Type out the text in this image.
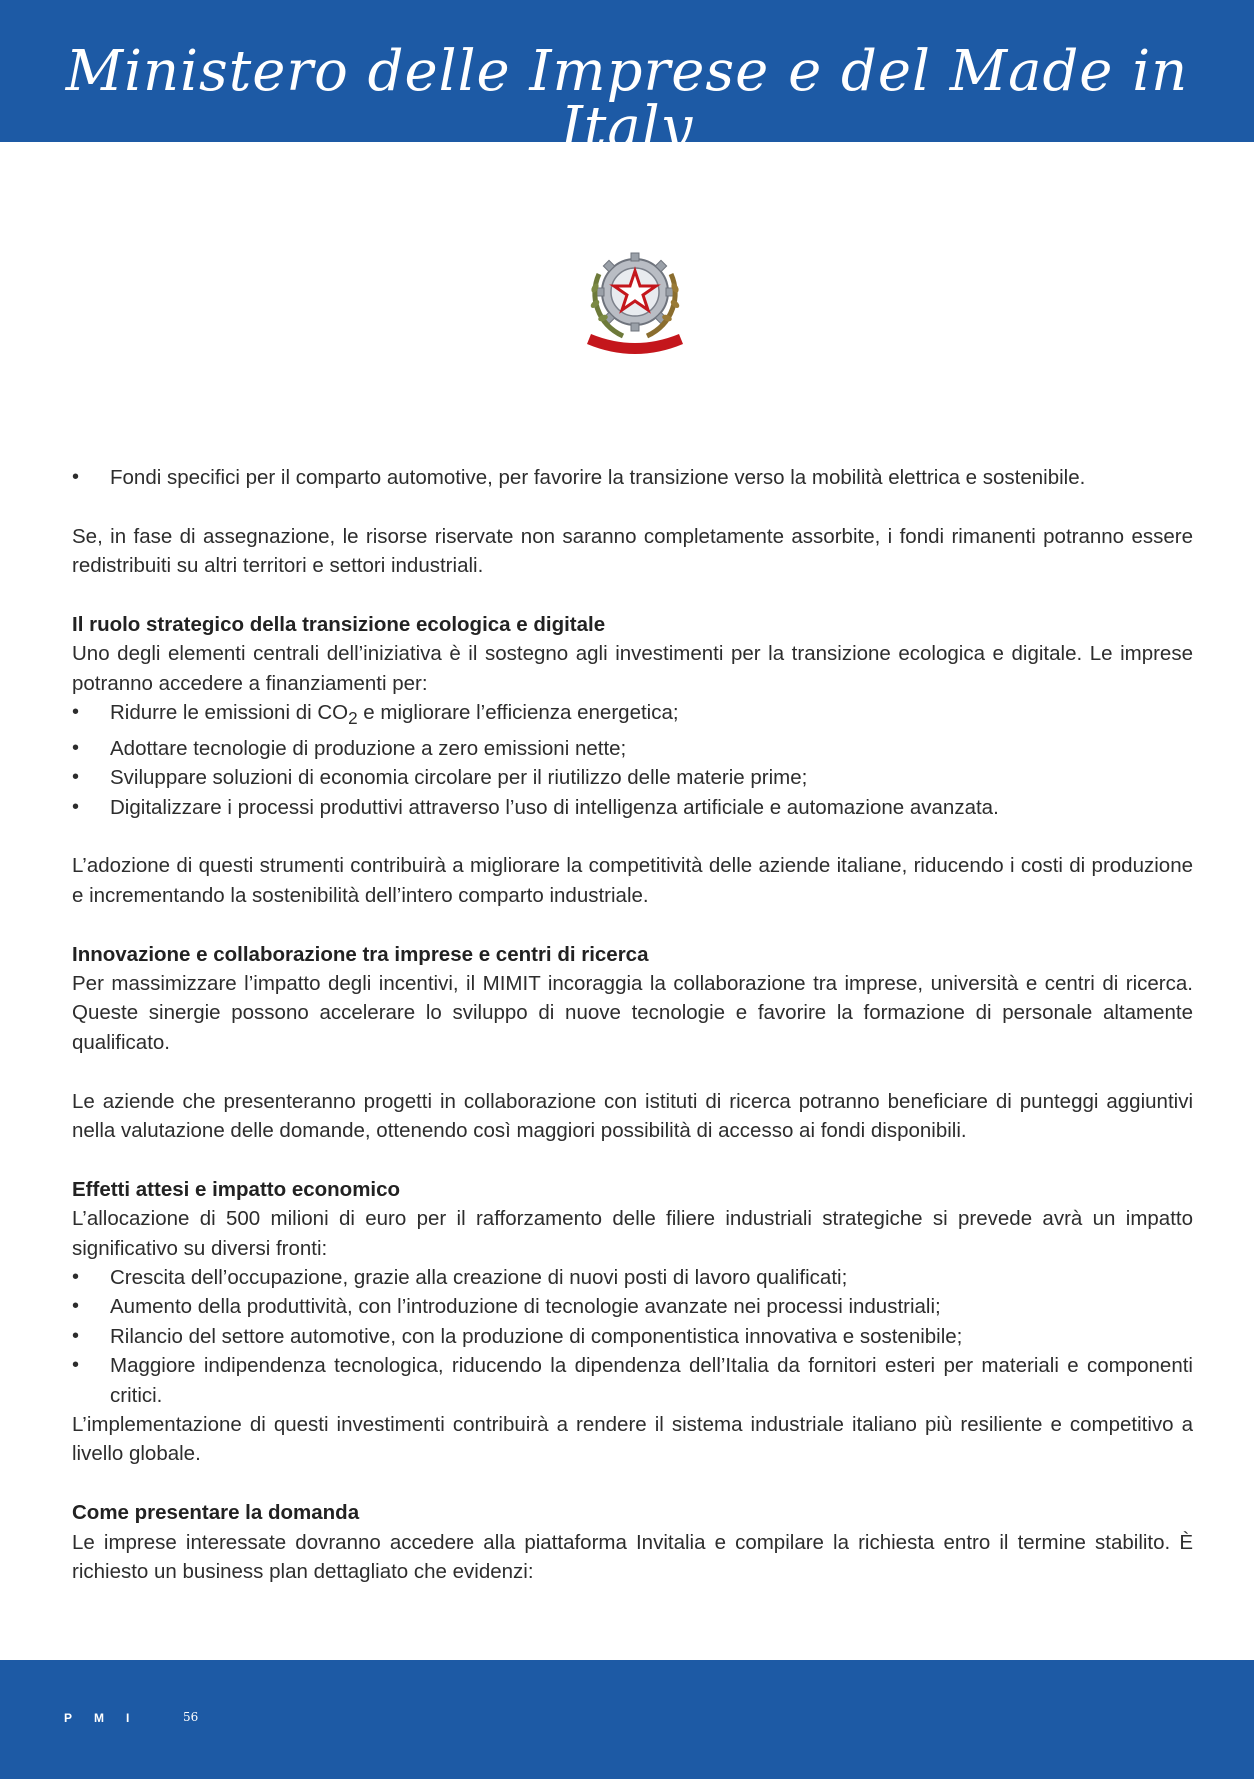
Ministero delle Imprese e del Made in Italy
•	Fondi specifici per il comparto automotive, per favorire la transizione verso la mobilità elettrica e sostenibile.

Se, in fase di assegnazione, le risorse riservate non saranno completamente assorbite, i fondi rimanenti potranno essere redistribuiti su altri territori e settori industriali.

Il ruolo strategico della transizione ecologica e digitale

Uno degli elementi centrali dell’iniziativa è il sostegno agli investimenti per la transizione ecologica e digitale. Le imprese potranno accedere a finanziamenti per:

•	Ridurre le emissioni di $CO_2$ e migliorare l’efficienza energetica;
•	Adottare tecnologie di produzione a zero emissioni nette;
•	Sviluppare soluzioni di economia circolare per il riutilizzo delle materie prime;
•	Digitalizzare i processi produttivi attraverso l’uso di intelligenza artificiale e automazione avanzata.

L’adozione di questi strumenti contribuirà a migliorare la competitività delle aziende italiane, riducendo i costi di produzione e incrementando la sostenibilità dell’intero comparto industriale.

Innovazione e collaborazione tra imprese e centri di ricerca

Per massimizzare l’impatto degli incentivi, il MIMIT incoraggia la collaborazione tra imprese, università e centri di ricerca. Queste sinergie possono accelerare lo sviluppo di nuove tecnologie e favorire la formazione di personale altamente qualificato.

Le aziende che presenteranno progetti in collaborazione con istituti di ricerca potranno beneficiare di punteggi aggiuntivi nella valutazione delle domande, ottenendo così maggiori possibilità di accesso ai fondi disponibili.

Effetti attesi e impatto economico

L’allocazione di 500 milioni di euro per il rafforzamento delle filiere industriali strategiche si prevede avrà un impatto significativo su diversi fronti:

•	Crescita dell’occupazione, grazie alla creazione di nuovi posti di lavoro qualificati;
•	Aumento della produttività, con l’introduzione di tecnologie avanzate nei processi industriali;
•	Rilancio del settore automotive, con la produzione di componentistica innovativa e sostenibile;
•	Maggiore indipendenza tecnologica, riducendo la dipendenza dell’Italia da fornitori esteri per materiali e componenti critici.

L’implementazione di questi investimenti contribuirà a rendere il sistema industriale italiano più resiliente e competitivo a livello globale.

Come presentare la domanda

Le imprese interessate dovranno accedere alla piattaforma Invitalia e compilare la richiesta entro il termine stabilito. È richiesto un business plan dettagliato che evidenzi:

PMI	56
